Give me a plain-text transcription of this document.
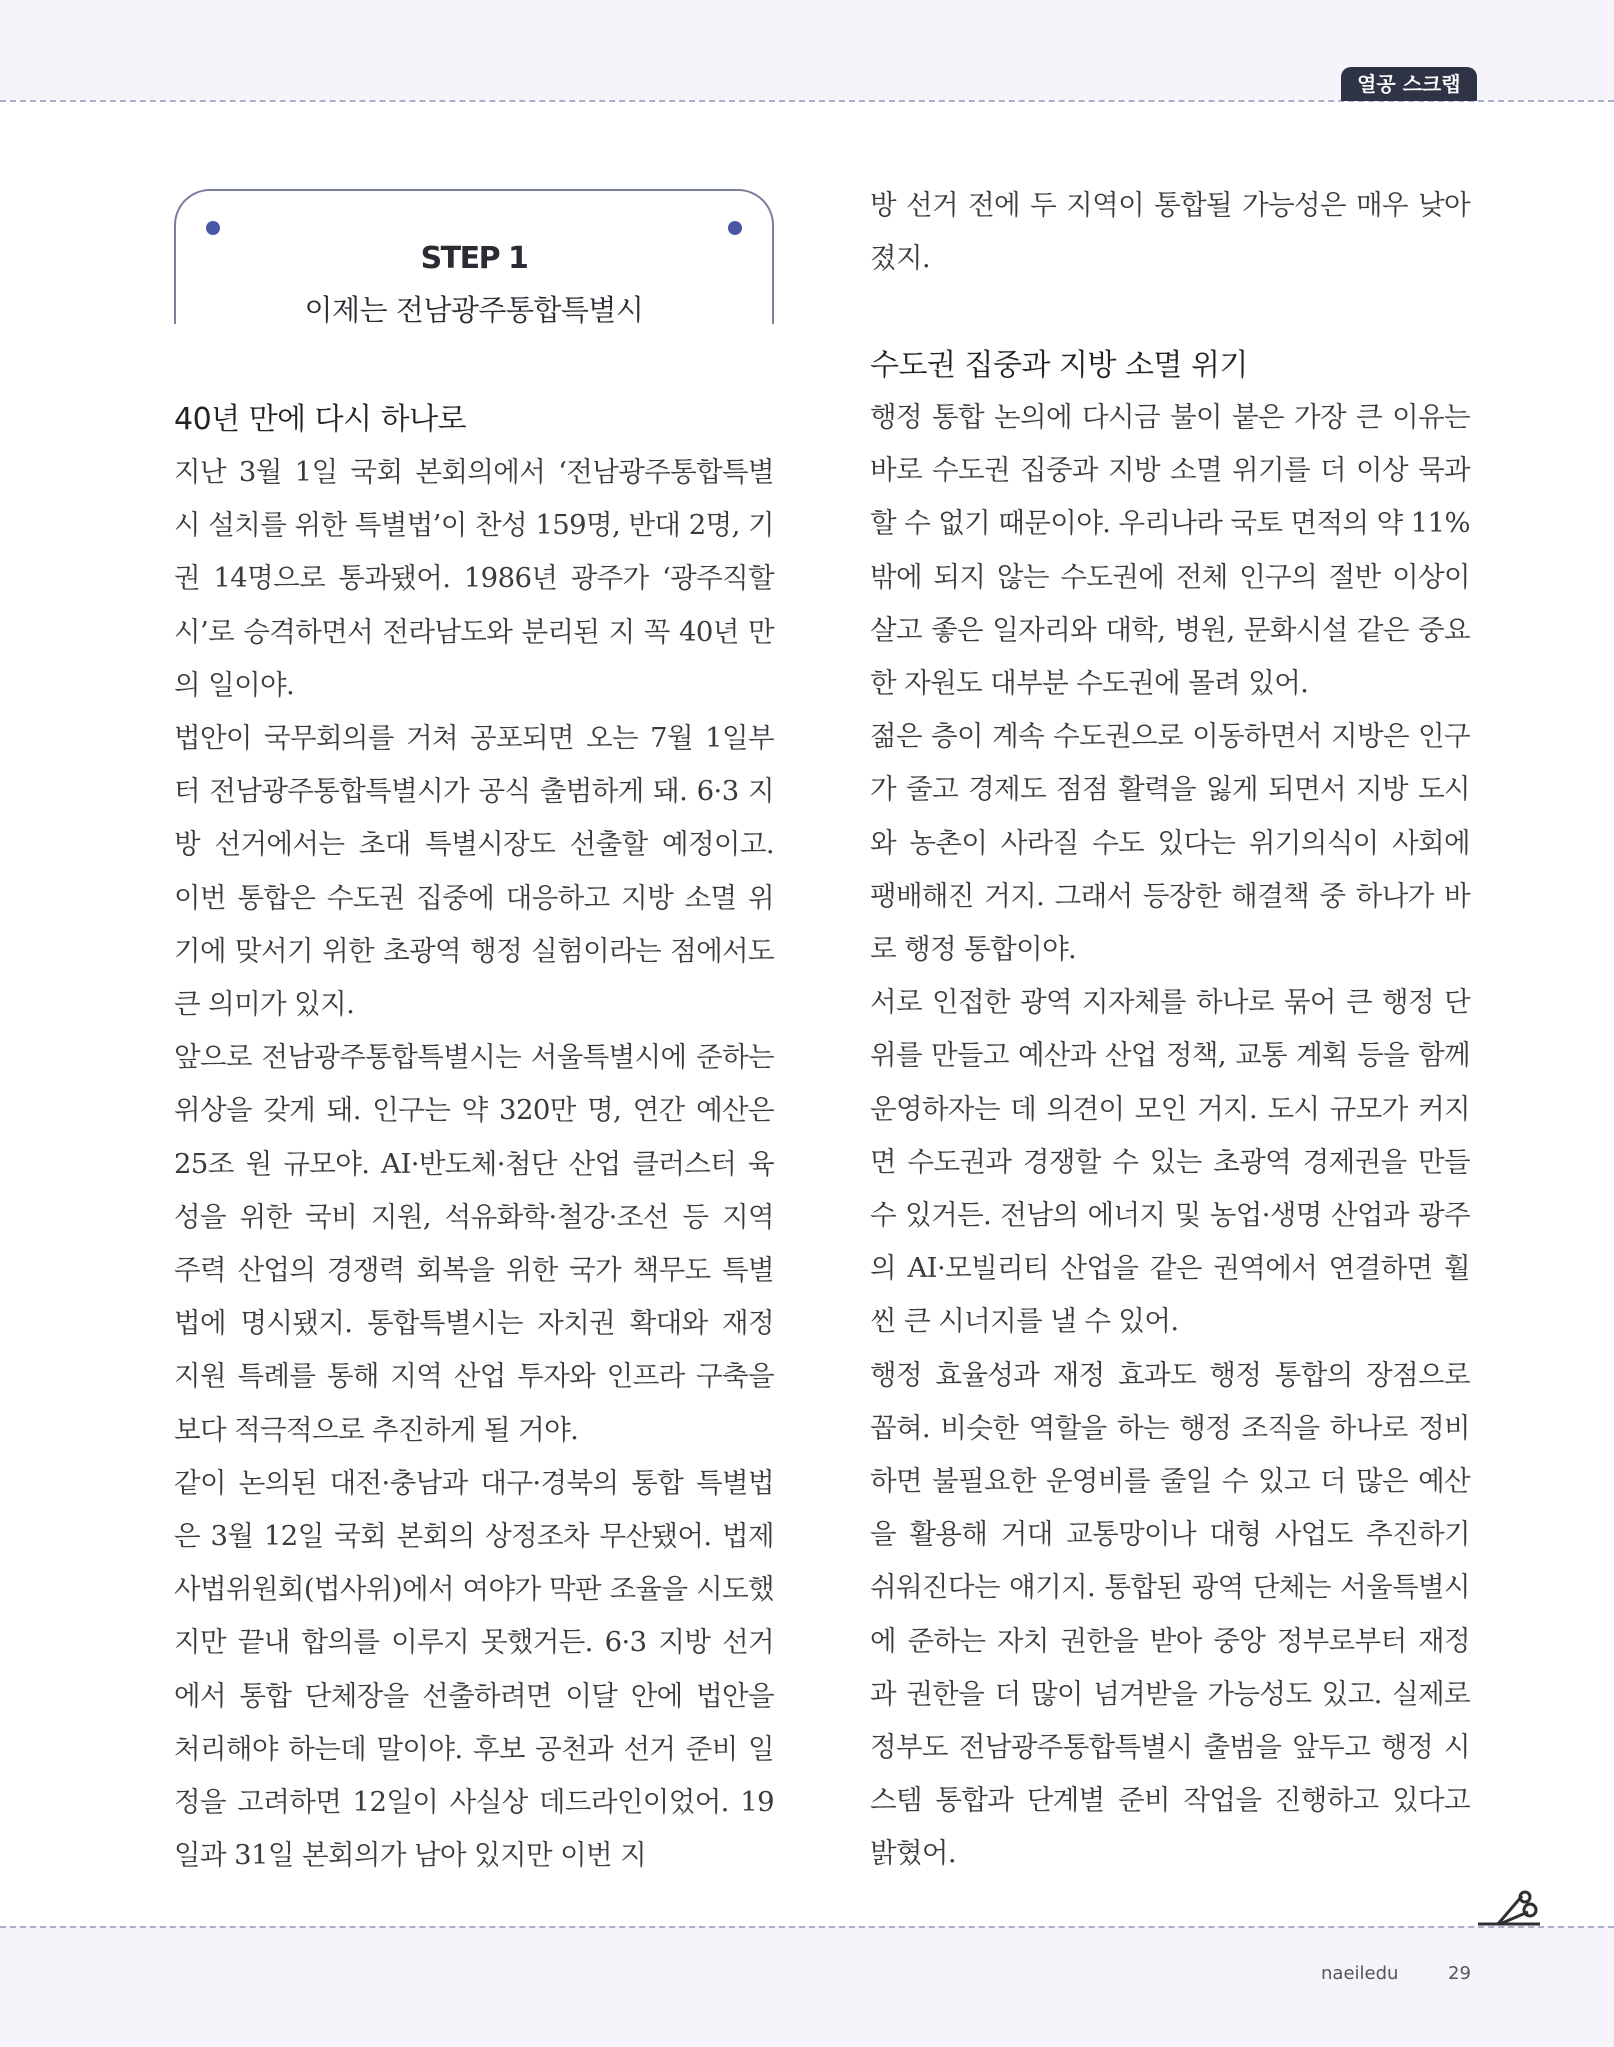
열공 스크랩
STEP 1
이제는 전남광주통합특별시
40년 만에 다시 하나로

지난 3월 1일 국회 본회의에서 ‘전남광주통합특별시 설치를 위한 특별법’이 찬성 159명, 반대 2명, 기권 14명으로 통과됐어. 1986년 광주가 ‘광주직할시’로 승격하면서 전라남도와 분리된 지 꼭 40년 만의 일이야.

법안이 국무회의를 거쳐 공포되면 오는 7월 1일부터 전남광주통합특별시가 공식 출범하게 돼. 6·3 지방 선거에서는 초대 특별시장도 선출할 예정이고. 이번 통합은 수도권 집중에 대응하고 지방 소멸 위기에 맞서기 위한 초광역 행정 실험이라는 점에서도 큰 의미가 있지.

앞으로 전남광주통합특별시는 서울특별시에 준하는 위상을 갖게 돼. 인구는 약 320만 명, 연간 예산은 25조 원 규모야. AI·반도체·첨단 산업 클러스터 육성을 위한 국비 지원, 석유화학·철강·조선 등 지역 주력 산업의 경쟁력 회복을 위한 국가 책무도 특별법에 명시됐지. 통합특별시는 자치권 확대와 재정 지원 특례를 통해 지역 산업 투자와 인프라 구축을 보다 적극적으로 추진하게 될 거야.

같이 논의된 대전·충남과 대구·경북의 통합 특별법은 3월 12일 국회 본회의 상정조차 무산됐어. 법제사법위원회(법사위)에서 여야가 막판 조율을 시도했지만 끝내 합의를 이루지 못했거든. 6·3 지방 선거에서 통합 단체장을 선출하려면 이달 안에 법안을 처리해야 하는데 말이야. 후보 공천과 선거 준비 일정을 고려하면 12일이 사실상 데드라인이었어. 19일과 31일 본회의가 남아 있지만 이번 지

방 선거 전에 두 지역이 통합될 가능성은 매우 낮아졌지.

수도권 집중과 지방 소멸 위기

행정 통합 논의에 다시금 불이 붙은 가장 큰 이유는 바로 수도권 집중과 지방 소멸 위기를 더 이상 묵과할 수 없기 때문이야. 우리나라 국토 면적의 약 11%밖에 되지 않는 수도권에 전체 인구의 절반 이상이 살고 좋은 일자리와 대학, 병원, 문화시설 같은 중요한 자원도 대부분 수도권에 몰려 있어.

젊은 층이 계속 수도권으로 이동하면서 지방은 인구가 줄고 경제도 점점 활력을 잃게 되면서 지방 도시와 농촌이 사라질 수도 있다는 위기의식이 사회에 팽배해진 거지. 그래서 등장한 해결책 중 하나가 바로 행정 통합이야.

서로 인접한 광역 지자체를 하나로 묶어 큰 행정 단위를 만들고 예산과 산업 정책, 교통 계획 등을 함께 운영하자는 데 의견이 모인 거지. 도시 규모가 커지면 수도권과 경쟁할 수 있는 초광역 경제권을 만들 수 있거든. 전남의 에너지 및 농업·생명 산업과 광주의 AI·모빌리티 산업을 같은 권역에서 연결하면 훨씬 큰 시너지를 낼 수 있어.

행정 효율성과 재정 효과도 행정 통합의 장점으로 꼽혀. 비슷한 역할을 하는 행정 조직을 하나로 정비하면 불필요한 운영비를 줄일 수 있고 더 많은 예산을 활용해 거대 교통망이나 대형 사업도 추진하기 쉬워진다는 얘기지. 통합된 광역 단체는 서울특별시에 준하는 자치 권한을 받아 중앙 정부로부터 재정과 권한을 더 많이 넘겨받을 가능성도 있고. 실제로 정부도 전남광주통합특별시 출범을 앞두고 행정 시스템 통합과 단계별 준비 작업을 진행하고 있다고 밝혔어.

naeiledu	29
